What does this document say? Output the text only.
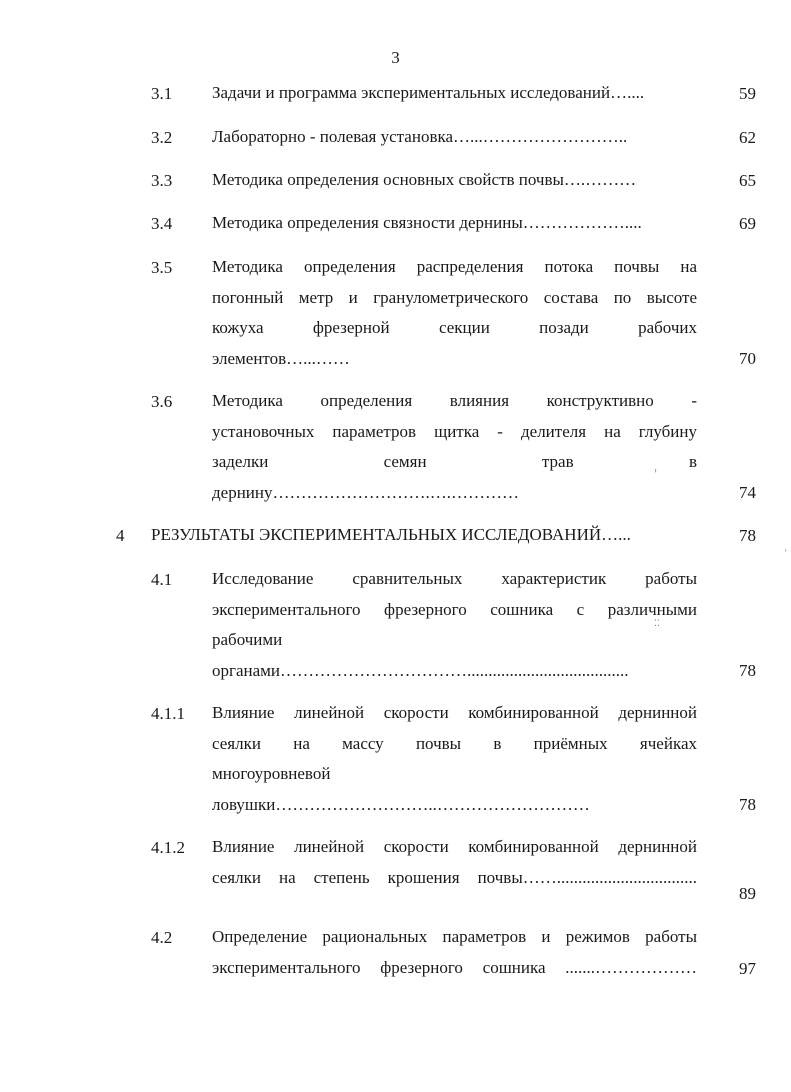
3
3.1 Задачи и программа экспериментальных исследований…....	59
3.2 Лабораторно - полевая установка…...……………………..	62
3.3 Методика определения основных свойств почвы….………	65
3.4 Методика определения связности дернины………………....	69
3.5 Методика определения распределения потока почвы на
погонный метр и гранулометрического состава по высоте
кожуха фрезерной секции позади рабочих
элементов…...……	70
3.6 Методика определения влияния конструктивно -
установочных параметров щитка - делителя на глубину
заделки семян трав в
дернину……………………….….…………	74
4 РЕЗУЛЬТАТЫ ЭКСПЕРИМЕНТАЛЬНЫХ ИССЛЕДОВАНИЙ…...	78
4.1 Исследование сравнительных характеристик работы
экспериментального фрезерного сошника с различными
рабочими
органами……………………………......................................	78
4.1.1 Влияние линейной скорости комбинированной дернинной
сеялки на массу почвы в приёмных ячейках
многоуровневой
ловушки………………………..………………………	78
4.1.2 Влияние линейной скорости комбинированной дернинной
сеялки на степень крошения почвы…….................................
89
4.2 Определение рациональных параметров и режимов работы
экспериментального фрезерного сошника .......……………… 97
ⸯ
'
⁚⁚
